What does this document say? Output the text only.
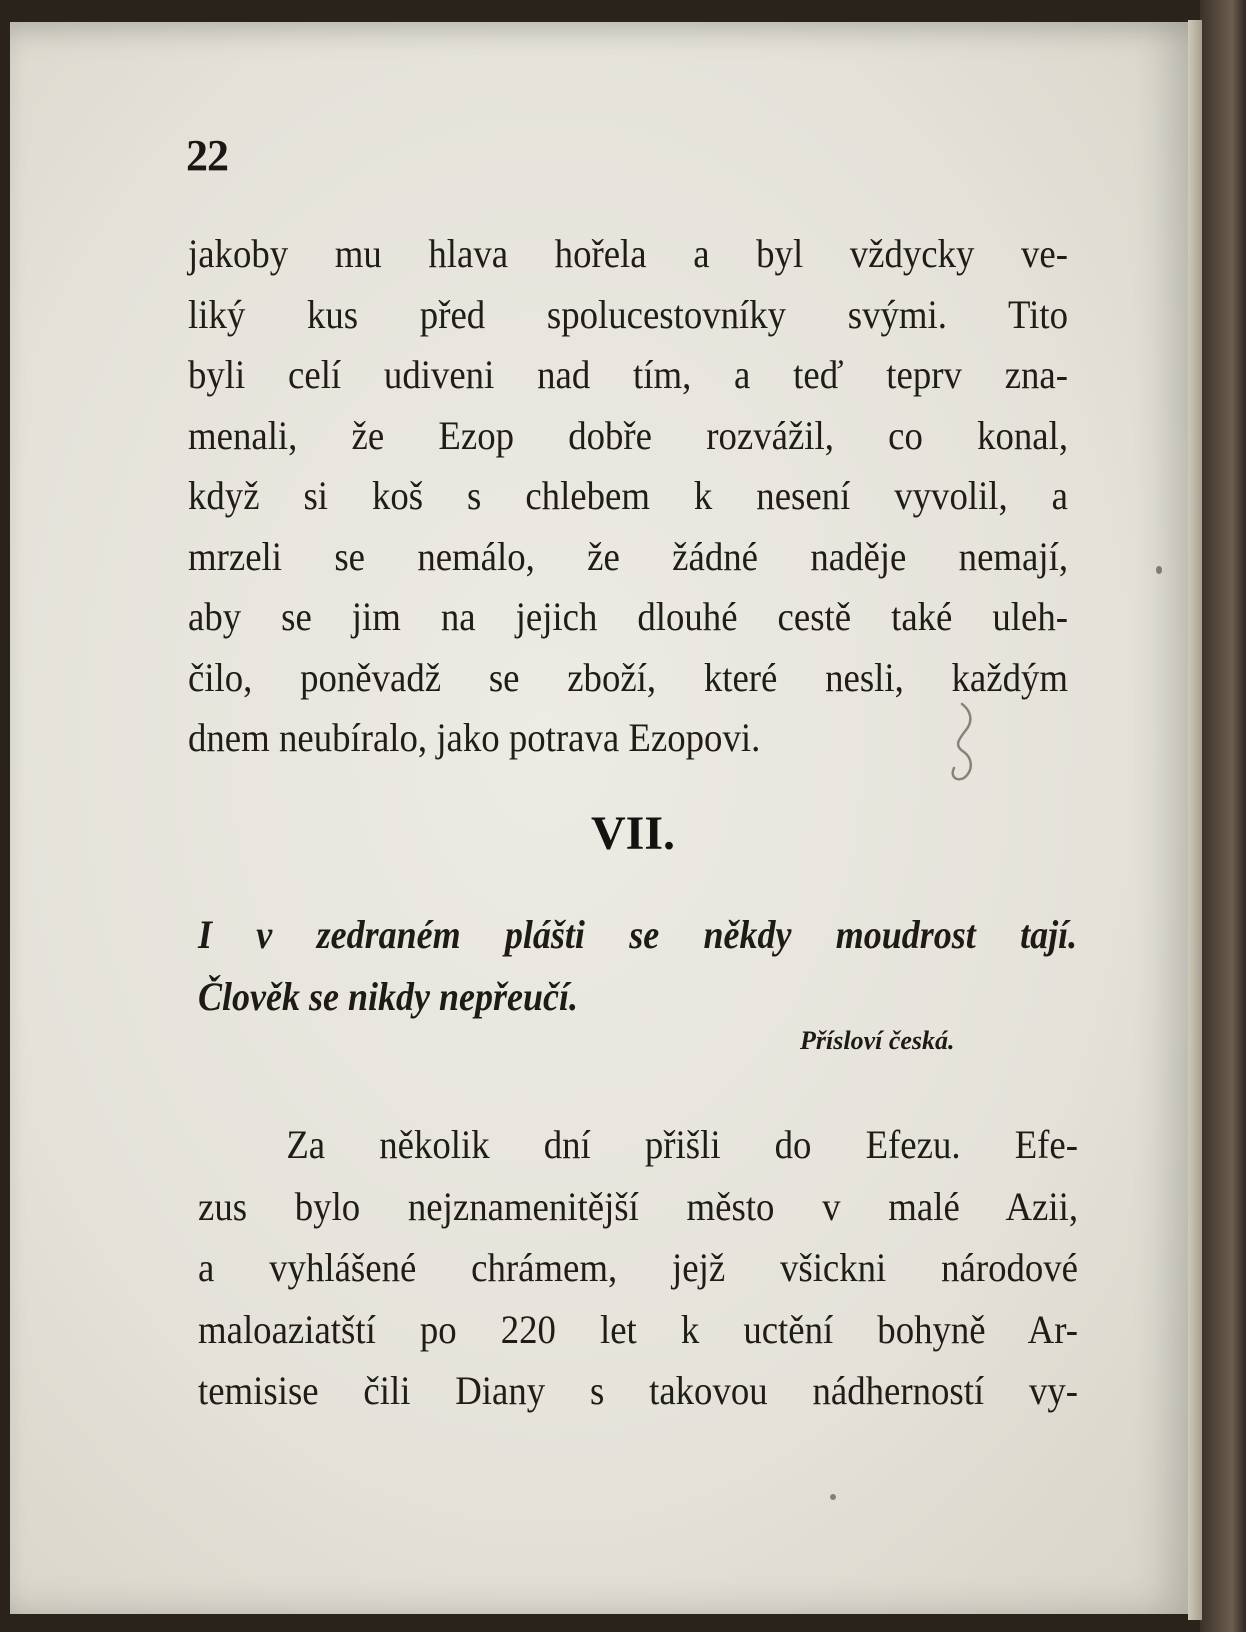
22
jakoby mu hlava hořela a byl vždycky ve-
liký kus před spolucestovníky svými. Tito
byli celí udiveni nad tím, a teď teprv zna-
menali, že Ezop dobře rozvážil, co konal,
když si koš s chlebem k nesení vyvolil, a
mrzeli se nemálo, že žádné naděje nemají,
aby se jim na jejich dlouhé cestě také uleh-
čilo, poněvadž se zboží, které nesli, každým
dnem neubíralo, jako potrava Ezopovi.
VII.
I v zedraném plášti se někdy moudrost tají.
Člověk se nikdy nepřeučí.
Přísloví česká.
Za několik dní přišli do Efezu. Efe-
zus bylo nejznamenitější město v malé Azii,
a vyhlášené chrámem, jejž všickni národové
maloaziatští po 220 let k uctění bohyně Ar-
temisise čili Diany s takovou nádherností vy-
